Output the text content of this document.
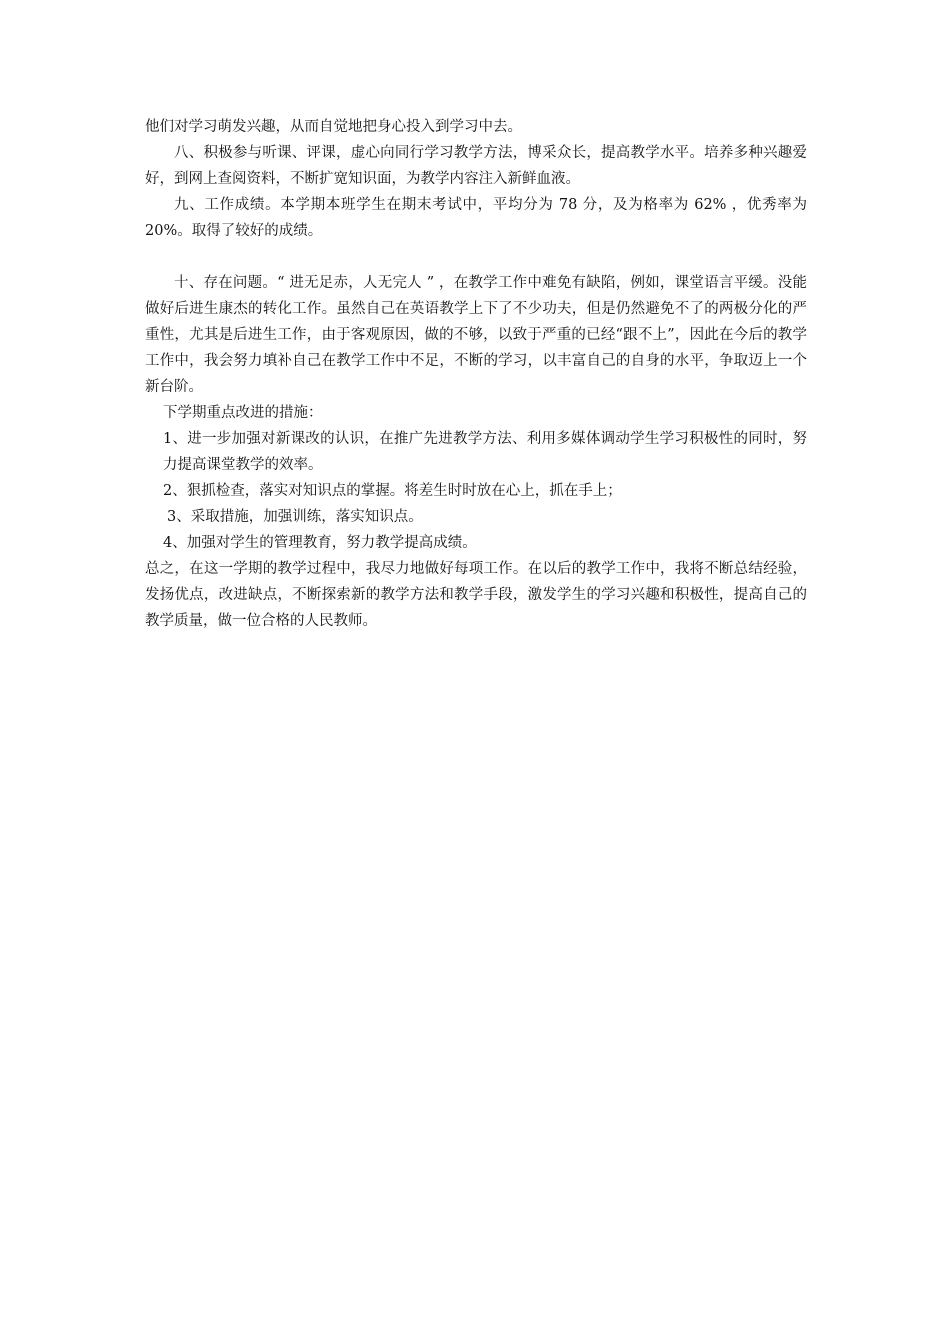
他们对学习萌发兴趣，从而自觉地把身心投入到学习中去。

八、积极参与听课、评课，虚心向同行学习教学方法，博采众长，提高教学水平。培养多种兴趣爱好，到网上查阅资料，不断扩宽知识面，为教学内容注入新鲜血液。

九、工作成绩。本学期本班学生在期末考试中，平均分为 78 分，及为格率为 62% ，优秀率为 20%。取得了较好的成绩。

十、存在问题。“ 进无足赤，人无完人 ” ，在教学工作中难免有缺陷，例如，课堂语言平缓。没能做好后进生康杰的转化工作。虽然自己在英语教学上下了不少功夫，但是仍然避免不了的两极分化的严重性，尤其是后进生工作，由于客观原因，做的不够，以致于严重的已经“跟不上”，因此在今后的教学工作中，我会努力填补自己在教学工作中不足，不断的学习，以丰富自己的自身的水平，争取迈上一个新台阶。

下学期重点改进的措施：

1、进一步加强对新课改的认识，在推广先进教学方法、利用多媒体调动学生学习积极性的同时，努力提高课堂教学的效率。

2、狠抓检查，落实对知识点的掌握。将差生时时放在心上，抓在手上；

3、采取措施，加强训练，落实知识点。

4、加强对学生的管理教育，努力教学提高成绩。

总之，在这一学期的教学过程中，我尽力地做好每项工作。在以后的教学工作中，我将不断总结经验，发扬优点，改进缺点，不断探索新的教学方法和教学手段，激发学生的学习兴趣和积极性，提高自己的教学质量，做一位合格的人民教师。
